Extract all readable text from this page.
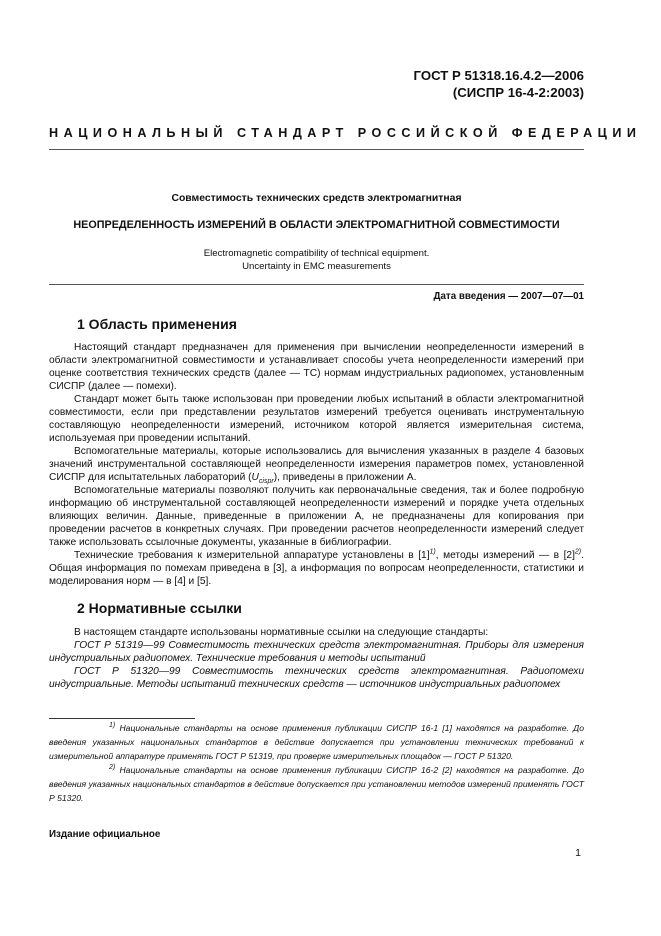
ГОСТ Р 51318.16.4.2—2006
(СИСПР 16-4-2:2003)
НАЦИОНАЛЬНЫЙ СТАНДАРТ РОССИЙСКОЙ ФЕДЕРАЦИИ
Совместимость технических средств электромагнитная
НЕОПРЕДЕЛЕННОСТЬ ИЗМЕРЕНИЙ В ОБЛАСТИ ЭЛЕКТРОМАГНИТНОЙ СОВМЕСТИМОСТИ
Electromagnetic compatibility of technical equipment.
Uncertainty in EMC measurements
Дата введения — 2007—07—01
1 Область применения

Настоящий стандарт предназначен для применения при вычислении неопределенности измерений в области электромагнитной совместимости и устанавливает способы учета неопределенности измерений при оценке соответствия технических средств (далее — ТС) нормам индустриальных радиопомех, установленным СИСПР (далее — помехи).

Стандарт может быть также использован при проведении любых испытаний в области электромагнитной совместимости, если при представлении результатов измерений требуется оценивать инструментальную составляющую неопределенности измерений, источником которой является измерительная система, используемая при проведении испытаний.

Вспомогательные материалы, которые использовались для вычисления указанных в разделе 4 базовых значений инструментальной составляющей неопределенности измерения параметров помех, установленной СИСПР для испытательных лабораторий $(U_{cispr})$, приведены в приложении А.

Вспомогательные материалы позволяют получить как первоначальные сведения, так и более подробную информацию об инструментальной составляющей неопределенности измерений и порядке учета отдельных влияющих величин. Данные, приведенные в приложении А, не предназначены для копирования при проведении расчетов в конкретных случаях. При проведении расчетов неопределенности измерений следует также использовать ссылочные документы, указанные в библиографии.

Технические требования к измерительной аппаратуре установлены в $[1]^{1)}$, методы измерений — в $[2]^{2)}$. Общая информация по помехам приведена в [3], а информация по вопросам неопределенности, статистики и моделирования норм — в [4] и [5].

2 Нормативные ссылки

В настоящем стандарте использованы нормативные ссылки на следующие стандарты:

ГОСТ Р 51319—99 Совместимость технических средств электромагнитная. Приборы для измерения индустриальных радиопомех. Технические требования и методы испытаний

ГОСТ Р 51320—99 Совместимость технических средств электромагнитная. Радиопомехи индустриальные. Методы испытаний технических средств — источников индустриальных радиопомех

$^{1)}$ Национальные стандарты на основе применения публикации СИСПР 16-1 [1] находятся на разработке. До введения указанных национальных стандартов в действие допускается при установлении технических требований к измерительной аппаратуре применять ГОСТ Р 51319, при проверке измерительных площадок — ГОСТ Р 51320.

$^{2)}$ Национальные стандарты на основе применения публикации СИСПР 16-2 [2] находятся на разработке. До введения указанных национальных стандартов в действие допускается при установлении методов измерений применять ГОСТ Р 51320.

Издание официальное
1
